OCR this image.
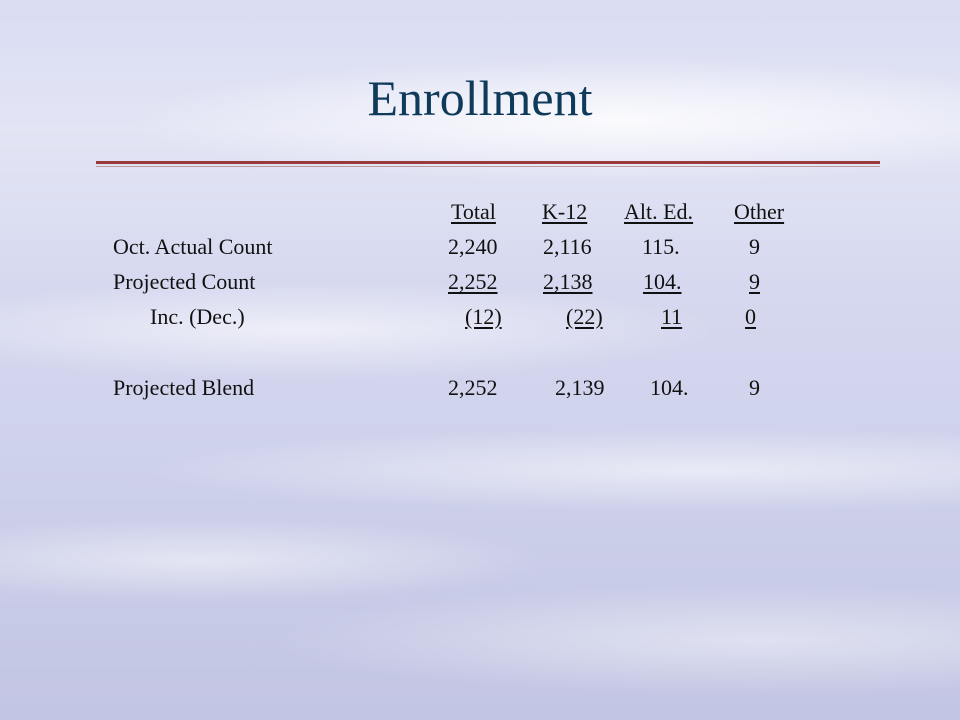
Enrollment
Total K-12 Alt. Ed. Other
Oct. Actual Count	2,240 2,116 115.	9
Projected Count	2,252 2,138 104.	9
Inc. (Dec.)	(12)	(22)	11	0
Projected Blend	2,252	2,139 104.	9
